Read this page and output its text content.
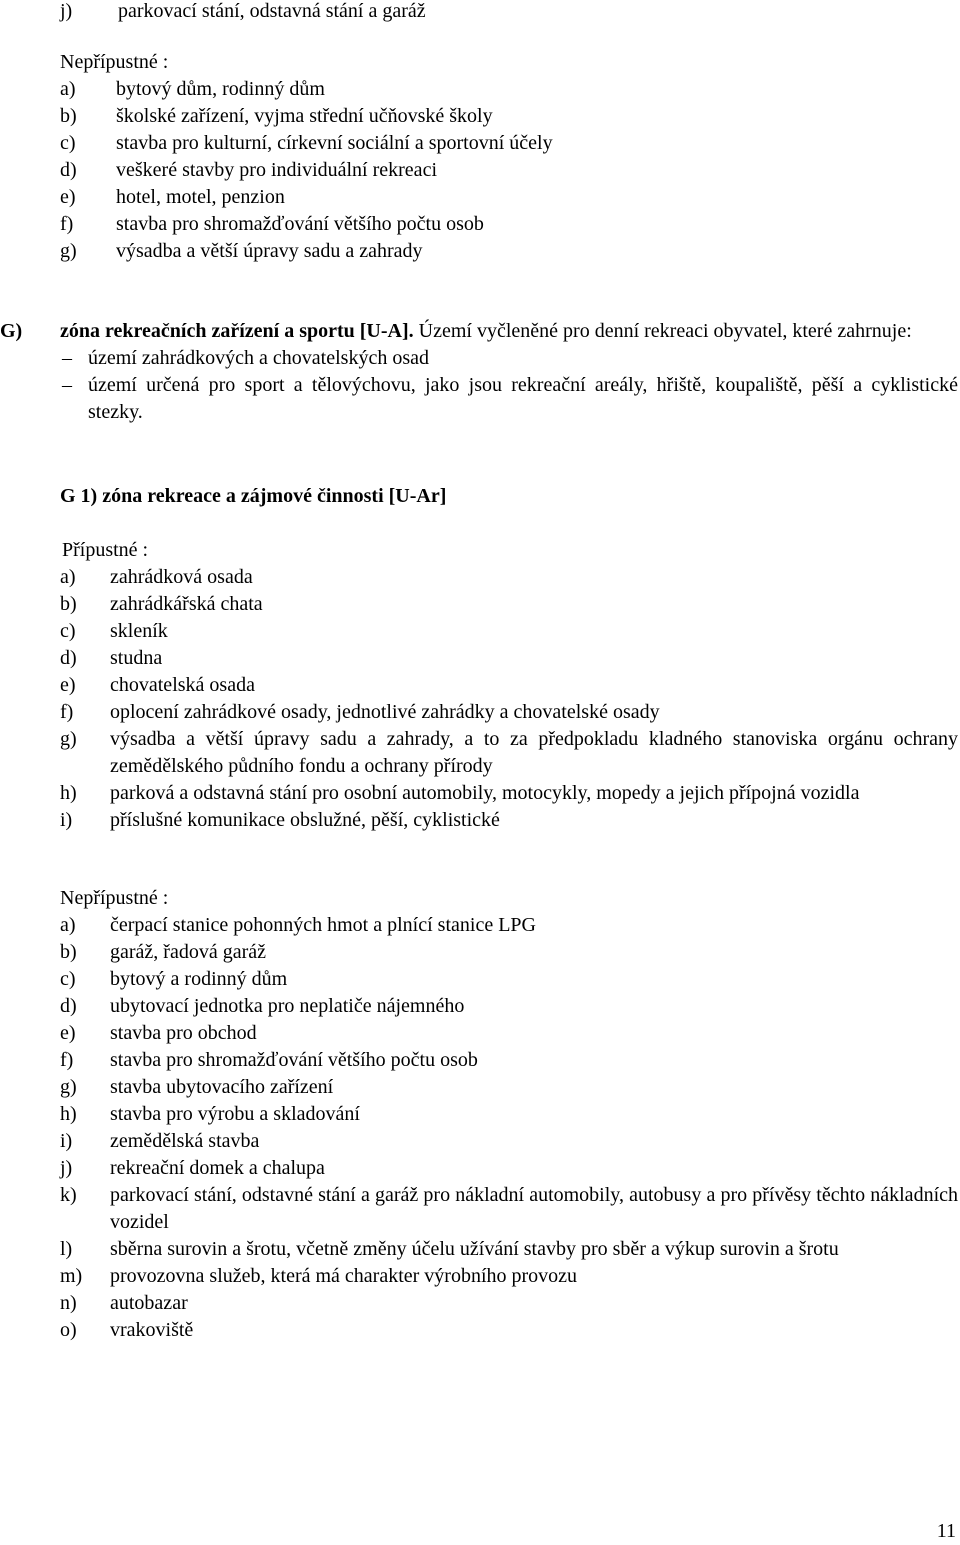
j) parkovací stání, odstavná stání a garáž
Nepřípustné :
a) bytový dům, rodinný dům
b) školské zařízení, vyjma střední učňovské školy
c) stavba pro kulturní, církevní sociální a sportovní účely
d) veškeré stavby pro individuální rekreaci
e) hotel, motel, penzion
f) stavba pro shromažďování většího počtu osob
g) výsadba a větší úpravy sadu a zahrady
G) zóna rekreačních zařízení a sportu [U-A]. Území vyčleněné pro denní rekreaci obyvatel, které zahrnuje:
– území zahrádkových a chovatelských osad
– území určená pro sport a tělovýchovu, jako jsou rekreační areály, hřiště, koupaliště, pěší a cyklistické stezky.
G 1) zóna rekreace a zájmové činnosti [U-Ar]
Přípustné :
a) zahrádková osada
b) zahrádkářská chata
c) skleník
d) studna
e) chovatelská osada
f) oplocení zahrádkové osady, jednotlivé zahrádky a chovatelské osady
g) výsadba a větší úpravy sadu a zahrady, a to za předpokladu kladného stanoviska orgánu ochrany zemědělského půdního fondu a ochrany přírody
h) parková a odstavná stání pro osobní automobily, motocykly, mopedy a jejich přípojná vozidla
i) příslušné komunikace obslužné, pěší, cyklistické
Nepřípustné :
a) čerpací stanice pohonných hmot a plnící stanice LPG
b) garáž, řadová garáž
c) bytový a rodinný dům
d) ubytovací jednotka pro neplatiče nájemného
e) stavba pro obchod
f) stavba pro shromažďování většího počtu osob
g) stavba ubytovacího zařízení
h) stavba pro výrobu a skladování
i) zemědělská stavba
j) rekreační domek a chalupa
k) parkovací stání, odstavné stání a garáž pro nákladní automobily, autobusy a pro přívěsy těchto nákladních vozidel
l) sběrna surovin a šrotu, včetně změny účelu užívání stavby pro sběr a výkup surovin a šrotu
m) provozovna služeb, která má charakter výrobního provozu
n) autobazar
o) vrakoviště
11
